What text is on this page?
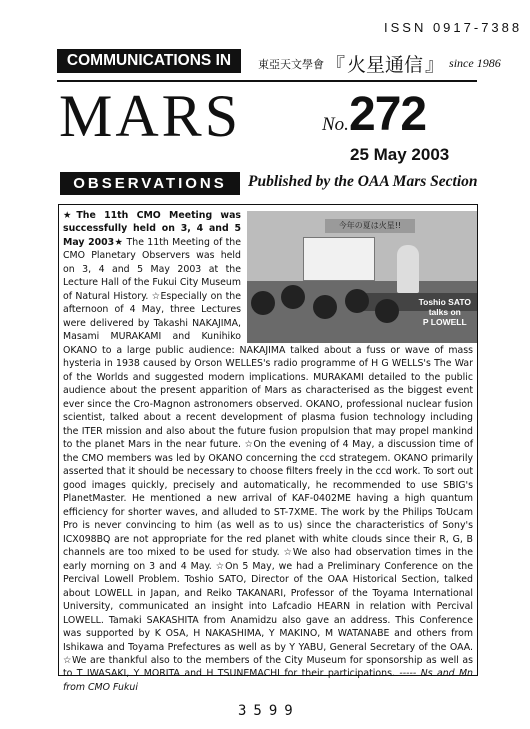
ISSN 0917-7388
COMMUNICATIONS IN	東亞天文學會 『 火星通信 』 since 1986
MARS	No. 272
25 May 2003
OBSERVATIONS	Published by the OAA Mars Section
今年の夏は火星!!
Toshio SATO
talks on
P LOWELL
★The 11th CMO Meeting was successfully held on 3, 4 and 5 May 2003★ The 11th Meeting of the CMO Planetary Observers was held on 3, 4 and 5 May 2003 at the Lecture Hall of the Fukui City Museum of Natural History. ☆Especially on the afternoon of 4 May, three Lectures were delivered by Takashi NAKAJIMA, Masami MURAKAMI and Kunihiko OKANO to a large public audience: NAKAJIMA talked about a fuss or wave of mass hysteria in 1938 caused by Orson WELLES's radio programme of H G WELLS's The War of the Worlds and suggested modern implications. MURAKAMI detailed to the public audience about the present apparition of Mars as characterised as the biggest event ever since the Cro-Magnon astronomers observed. OKANO, professional nuclear fusion scientist, talked about a recent development of plasma fusion technology including the ITER mission and also about the future fusion propulsion that may propel mankind to the planet Mars in the near future. ☆On the evening of 4 May, a discussion time of the CMO members was led by OKANO concerning the ccd strategem. OKANO primarily asserted that it should be necessary to choose filters freely in the ccd work. To sort out good images quickly, precisely and automatically, he recommended to use SBIG's PlanetMaster. He mentioned a new arrival of KAF-0402ME having a high quantum efficiency for shorter waves, and alluded to ST-7XME. The work by the Philips ToUcam Pro is never convincing to him (as well as to us) since the characteristics of Sony's ICX098BQ are not appropriate for the red planet with white clouds since their R, G, B channels are too mixed to be used for study. ☆We also had observation times in the early morning on 3 and 4 May. ☆On 5 May, we had a Preliminary Conference on the Percival Lowell Problem. Toshio SATO, Director of the OAA Historical Section, talked about LOWELL in Japan, and Reiko TAKANARI, Professor of the Toyama International University, communicated an insight into Lafcadio HEARN in relation with Percival LOWELL. Tamaki SAKASHITA from Anamidzu also gave an address. This Conference was supported by K OSA, H NAKASHIMA, Y MAKINO, M WATANABE and others from Ishikawa and Toyama Prefectures as well as by Y YABU, General Secretary of the OAA. ☆We are thankful also to the members of the City Museum for sponsorship as well as to T IWASAKI, Y MORITA and H TSUNEMACHI for their participations. ----- Ns and Mn from CMO Fukui
3599
